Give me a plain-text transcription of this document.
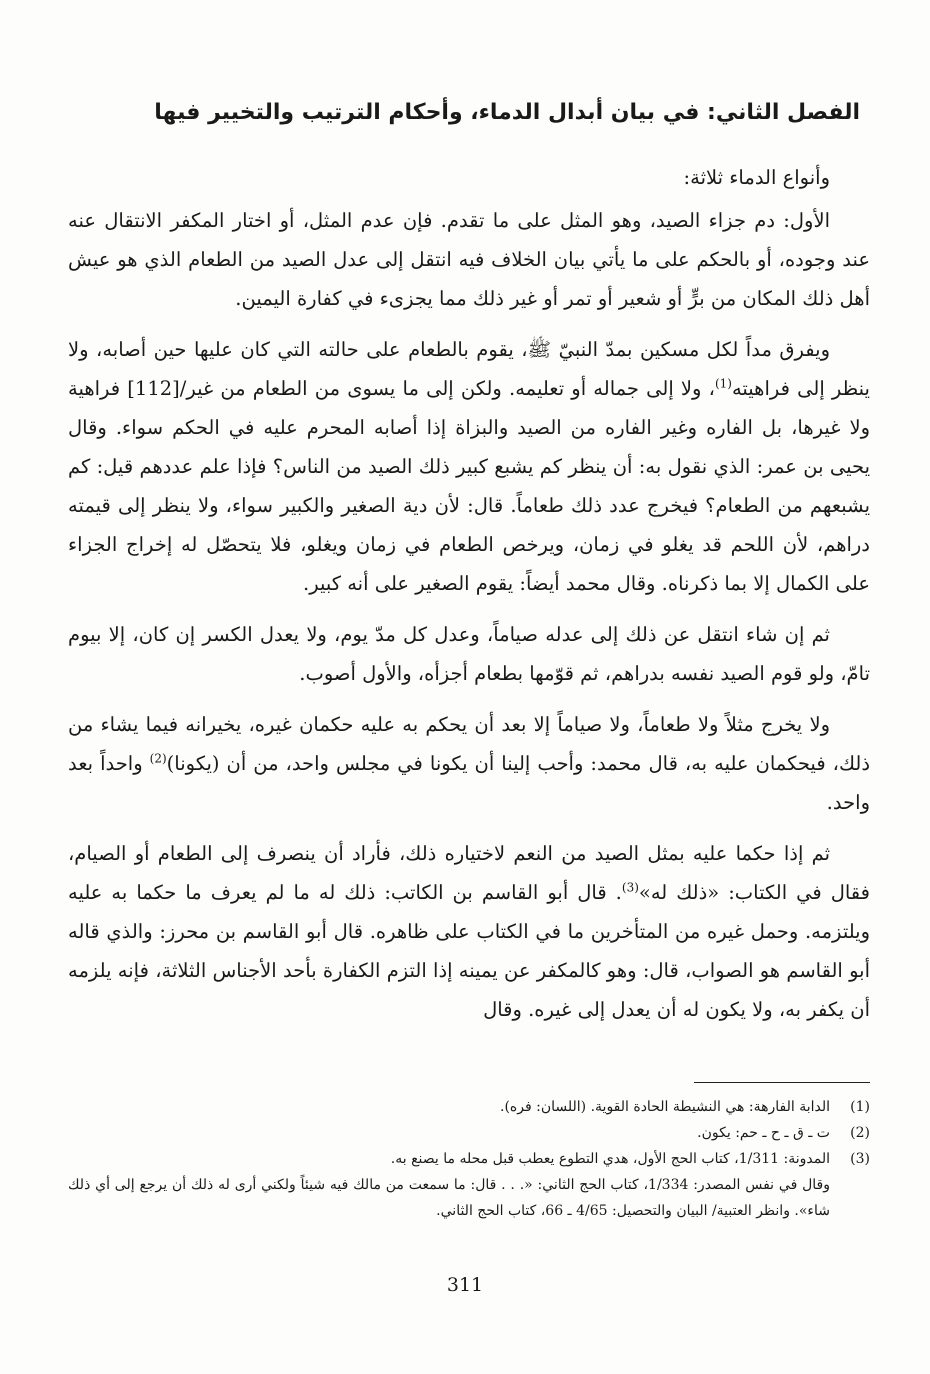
الفصل الثاني: في بيان أبدال الدماء، وأحكام الترتيب والتخيير فيها

وأنواع الدماء ثلاثة:

الأول: دم جزاء الصيد، وهو المثل على ما تقدم. فإن عدم المثل، أو اختار المكفر الانتقال عنه عند وجوده، أو بالحكم على ما يأتي بيان الخلاف فيه انتقل إلى عدل الصيد من الطعام الذي هو عيش أهل ذلك المكان من برٍّ أو شعير أو تمر أو غير ذلك مما يجزىء في كفارة اليمين.

ويفرق مداً لكل مسكين بمدّ النبيّ ﷺ، يقوم بالطعام على حالته التي كان عليها حين أصابه، ولا ينظر إلى فراهيته$^{(1)}$، ولا إلى جماله أو تعليمه. ولكن إلى ما يسوى من الطعام من غير/[112] فراهية ولا غيرها، بل الفاره وغير الفاره من الصيد والبزاة إذا أصابه المحرم عليه في الحكم سواء. وقال يحيى بن عمر: الذي نقول به: أن ينظر كم يشبع كبير ذلك الصيد من الناس؟ فإذا علم عددهم قيل: كم يشبعهم من الطعام؟ فيخرج عدد ذلك طعاماً. قال: لأن دية الصغير والكبير سواء، ولا ينظر إلى قيمته دراهم، لأن اللحم قد يغلو في زمان، ويرخص الطعام في زمان ويغلو، فلا يتحصّل له إخراج الجزاء على الكمال إلا بما ذكرناه. وقال محمد أيضاً: يقوم الصغير على أنه كبير.

ثم إن شاء انتقل عن ذلك إلى عدله صياماً، وعدل كل مدّ يوم، ولا يعدل الكسر إن كان، إلا بيوم تامّ، ولو قوم الصيد نفسه بدراهم، ثم قوّمها بطعام أجزأه، والأول أصوب.

ولا يخرج مثلاً ولا طعاماً، ولا صياماً إلا بعد أن يحكم به عليه حكمان غيره، يخيرانه فيما يشاء من ذلك، فيحكمان عليه به، قال محمد: وأحب إلينا أن يكونا في مجلس واحد، من أن (يكونا)$^{(2)}$ واحداً بعد واحد.

ثم إذا حكما عليه بمثل الصيد من النعم لاختياره ذلك، فأراد أن ينصرف إلى الطعام أو الصيام، فقال في الكتاب: «ذلك له»$^{(3)}$. قال أبو القاسم بن الكاتب: ذلك له ما لم يعرف ما حكما به عليه ويلتزمه. وحمل غيره من المتأخرين ما في الكتاب على ظاهره. قال أبو القاسم بن محرز: والذي قاله أبو القاسم هو الصواب، قال: وهو كالمكفر عن يمينه إذا التزم الكفارة بأحد الأجناس الثلاثة، فإنه يلزمه أن يكفر به، ولا يكون له أن يعدل إلى غيره. وقال

(1)
الدابة الفارهة: هي النشيطة الحادة القوية. (اللسان: فره).
(2)
ت ـ ق ـ ح ـ حم: يكون.
(3)
المدونة: 1/311، كتاب الحج الأول، هدي التطوع يعطب قبل محله ما يصنع به.
وقال في نفس المصدر: 1/334، كتاب الحج الثاني: «. . . قال: ما سمعت من مالك فيه شيئاً ولكني أرى له ذلك أن يرجع إلى أي ذلك شاء». وانظر العتبية/ البيان والتحصيل: 4/65 ـ 66، كتاب الحج الثاني.
311
